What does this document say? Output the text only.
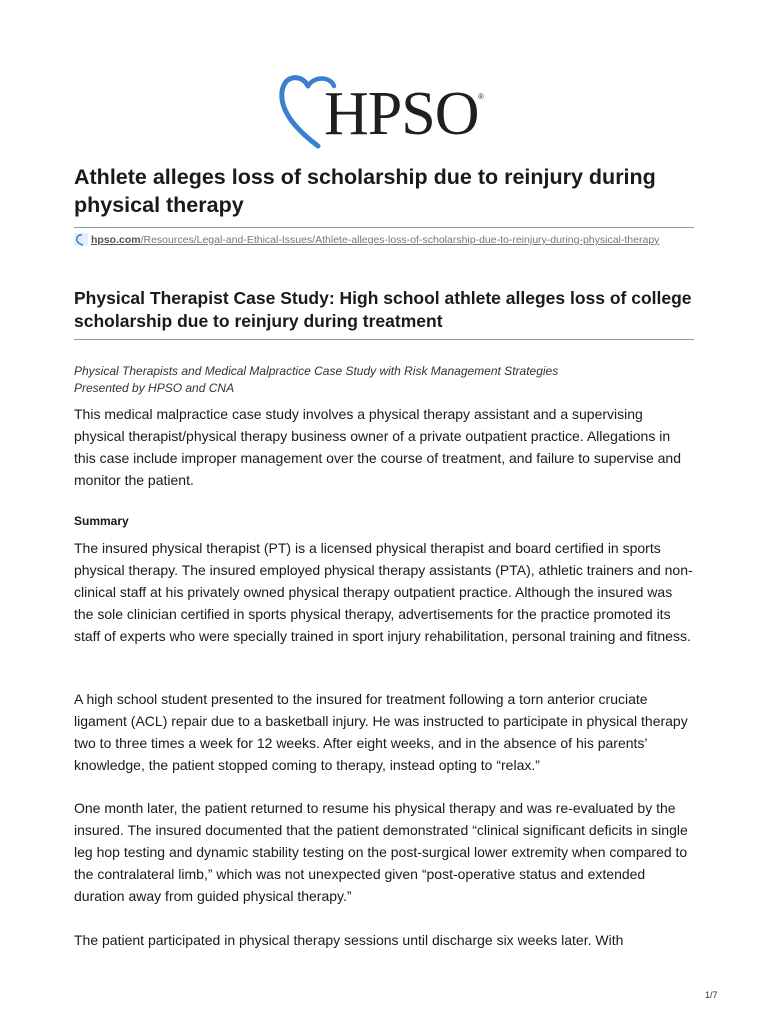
HPSO ®
Athlete alleges loss of scholarship due to reinjury during physical therapy
hpso.com/Resources/Legal-and-Ethical-Issues/Athlete-alleges-loss-of-scholarship-due-to-reinjury-during-physical-therapy
Physical Therapist Case Study: High school athlete alleges loss of college scholarship due to reinjury during treatment
Physical Therapists and Medical Malpractice Case Study with Risk Management Strategies
Presented by HPSO and CNA

This medical malpractice case study involves a physical therapy assistant and a supervising physical therapist/physical therapy business owner of a private outpatient practice. Allegations in this case include improper management over the course of treatment, and failure to supervise and monitor the patient.

Summary

The insured physical therapist (PT) is a licensed physical therapist and board certified in sports physical therapy. The insured employed physical therapy assistants (PTA), athletic trainers and non-clinical staff at his privately owned physical therapy outpatient practice. Although the insured was the sole clinician certified in sports physical therapy, advertisements for the practice promoted its staff of experts who were specially trained in sport injury rehabilitation, personal training and fitness.

A high school student presented to the insured for treatment following a torn anterior cruciate ligament (ACL) repair due to a basketball injury. He was instructed to participate in physical therapy two to three times a week for 12 weeks. After eight weeks, and in the absence of his parents’ knowledge, the patient stopped coming to therapy, instead opting to “relax.”

One month later, the patient returned to resume his physical therapy and was re-evaluated by the insured. The insured documented that the patient demonstrated “clinical significant deficits in single leg hop testing and dynamic stability testing on the post-surgical lower extremity when compared to the contralateral limb,” which was not unexpected given “post-operative status and extended duration away from guided physical therapy.”

The patient participated in physical therapy sessions until discharge six weeks later. With

1/7
